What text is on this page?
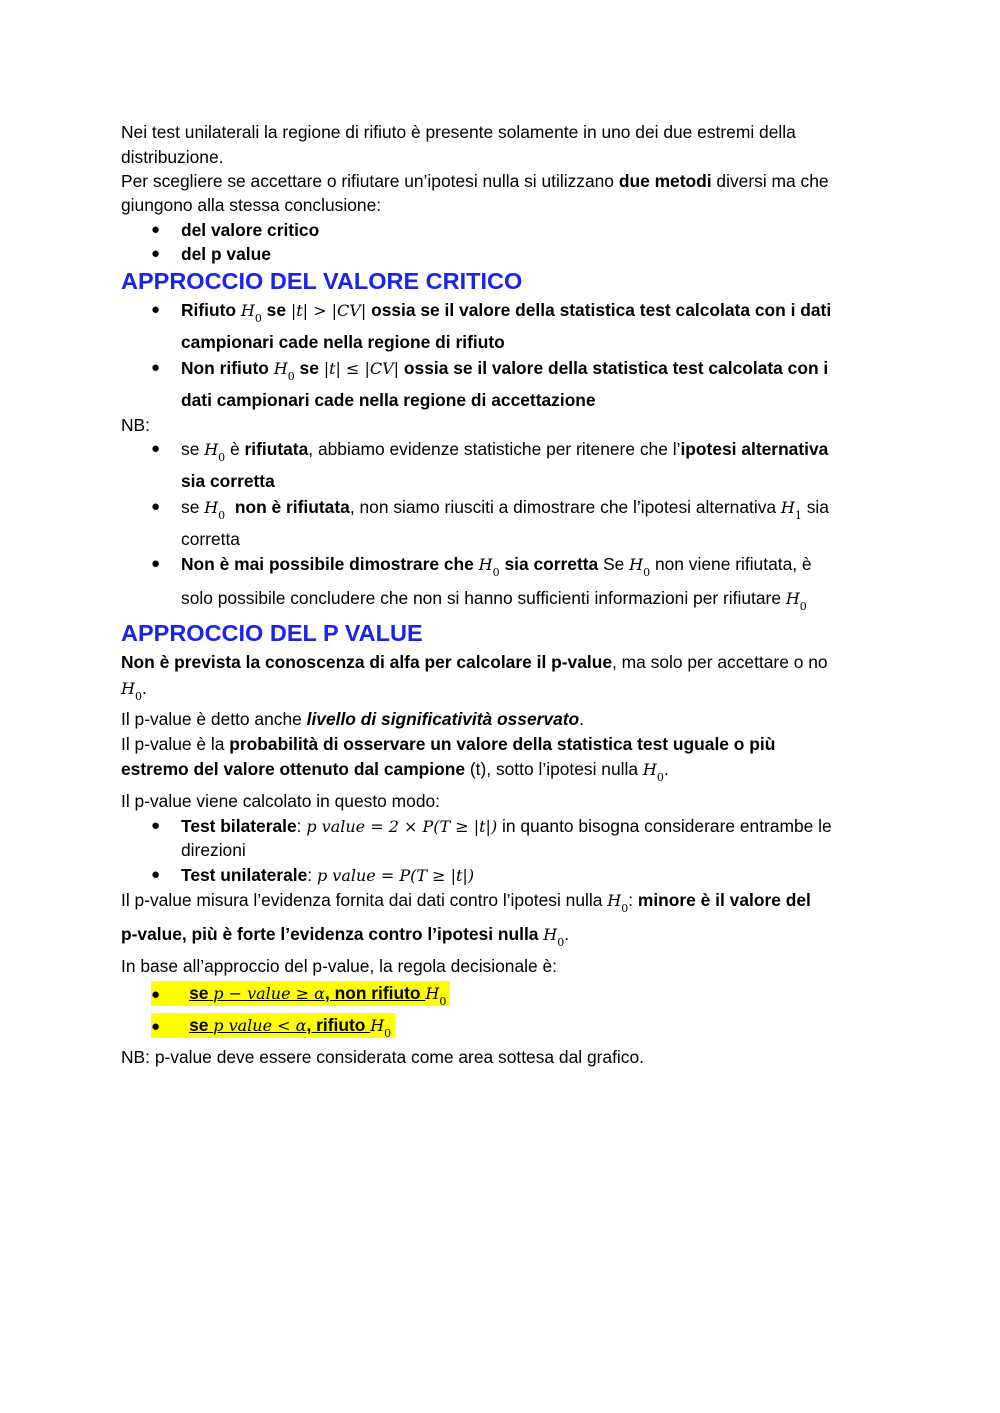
Nei test unilaterali la regione di rifiuto è presente solamente in uno dei due estremi della
distribuzione.
Per scegliere se accettare o rifiutare un’ipotesi nulla si utilizzano due metodi diversi ma che
giungono alla stessa conclusione:
● del valore critico
● del p value
APPROCCIO DEL VALORE CRITICO
● Rifiuto $H_0$ se |t| > |CV| ossia se il valore della statistica test calcolata con i dati
campionari cade nella regione di rifiuto
● Non rifiuto $H_0$ se |t| ≤ |CV| ossia se il valore della statistica test calcolata con i
dati campionari cade nella regione di accettazione
NB:
● se $H_0$ è rifiutata, abbiamo evidenze statistiche per ritenere che l’ipotesi alternativa
sia corretta
● se $H_0$ non è rifiutata, non siamo riusciti a dimostrare che l’ipotesi alternativa $H_1$ sia
corretta
● Non è mai possibile dimostrare che $H_0$ sia corretta Se $H_0$ non viene rifiutata, è
solo possibile concludere che non si hanno sufficienti informazioni per rifiutare $H_0$
APPROCCIO DEL P VALUE
Non è prevista la conoscenza di alfa per calcolare il p-value, ma solo per accettare o no
$H_0$.
Il p-value è detto anche livello di significatività osservato.
Il p-value è la probabilità di osservare un valore della statistica test uguale o più
estremo del valore ottenuto dal campione (t), sotto l’ipotesi nulla $H_0$.
Il p-value viene calcolato in questo modo:
● Test bilaterale: p value = 2 × P(T ≥ |t|) in quanto bisogna considerare entrambe le
direzioni
● Test unilaterale: p value = P(T ≥ |t|)
Il p-value misura l’evidenza fornita dai dati contro l’ipotesi nulla $H_0$: minore è il valore del
p-value, più è forte l’evidenza contro l’ipotesi nulla $H_0$.
In base all’approccio del p-value, la regola decisionale è:
● se p − value ≥ α, non rifiuto $H_0$
● se p value < α, rifiuto $H_0$
NB: p-value deve essere considerata come area sottesa dal grafico.
